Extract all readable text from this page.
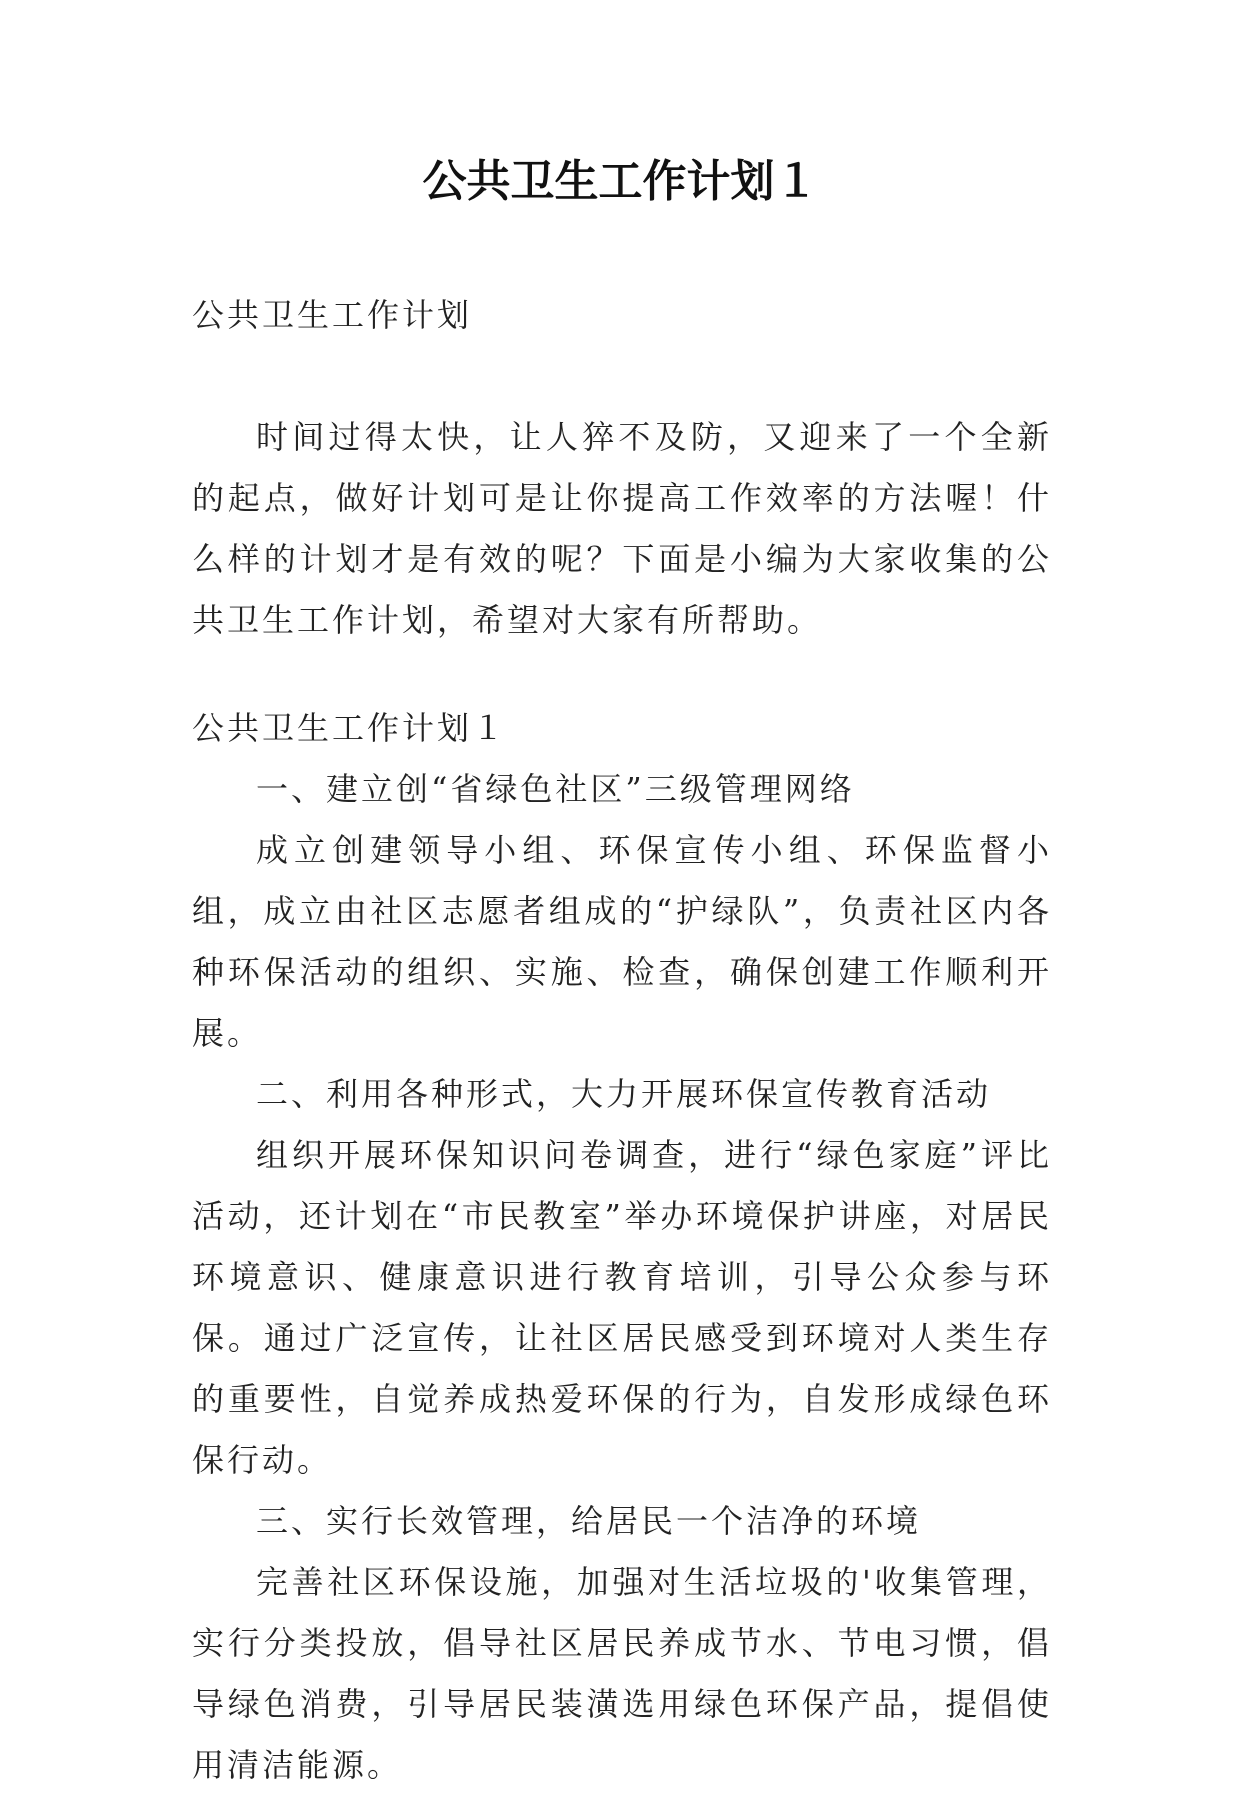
公共卫生工作计划１

公共卫生工作计划

时间过得太快，让人猝不及防，又迎来了一个全新的起点，做好计划可是让你提高工作效率的方法喔！什么样的计划才是有效的呢？下面是小编为大家收集的公共卫生工作计划，希望对大家有所帮助。

公共卫生工作计划１

一、建立创“省绿色社区”三级管理网络

成立创建领导小组、环保宣传小组、环保监督小组，成立由社区志愿者组成的“护绿队”，负责社区内各种环保活动的组织、实施、检查，确保创建工作顺利开展。

二、利用各种形式，大力开展环保宣传教育活动

组织开展环保知识问卷调查，进行“绿色家庭”评比活动，还计划在“市民教室”举办环境保护讲座，对居民环境意识、健康意识进行教育培训，引导公众参与环保。通过广泛宣传，让社区居民感受到环境对人类生存的重要性，自觉养成热爱环保的行为，自发形成绿色环保行动。

三、实行长效管理，给居民一个洁净的环境

完善社区环保设施，加强对生活垃圾的'收集管理，实行分类投放，倡导社区居民养成节水、节电习惯，倡导绿色消费，引导居民装潢选用绿色环保产品，提倡使用清洁能源。
